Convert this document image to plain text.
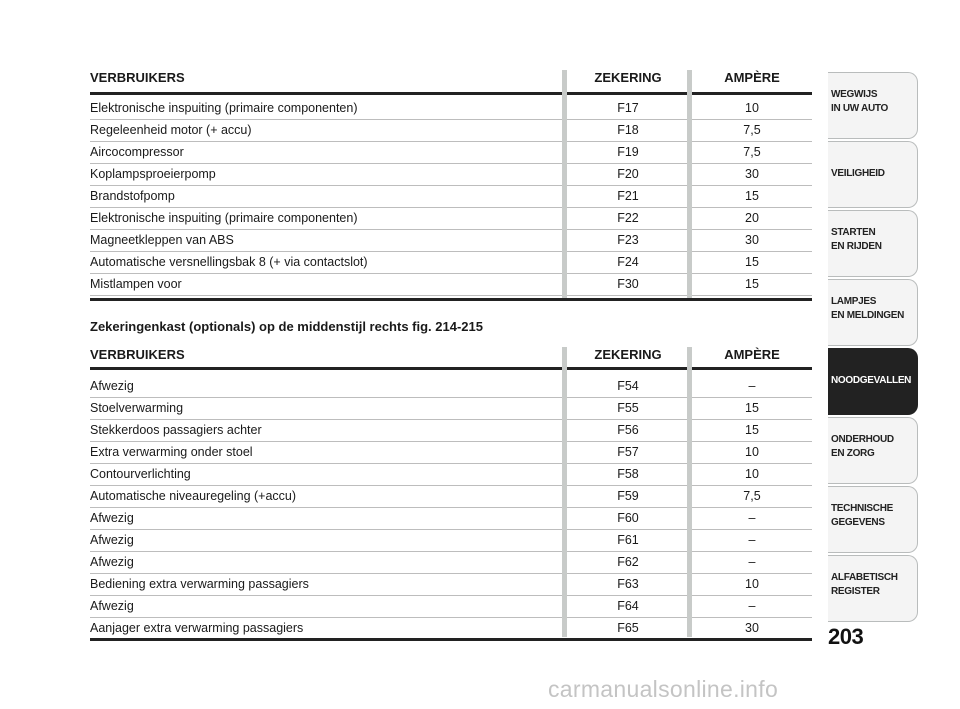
VERBRUIKERS	ZEKERING	AMPÈRE
Elektronische inspuiting (primaire componenten)	F17	10
Regeleenheid motor (+ accu)	F18	7,5
Aircocompressor	F19	7,5
Koplampsproeierpomp	F20	30
Brandstofpomp	F21	15
Elektronische inspuiting (primaire componenten)	F22	20
Magneetkleppen van ABS	F23	30
Automatische versnellingsbak 8 (+ via contactslot)	F24	15
Mistlampen voor	F30	15
Zekeringenkast (optionals) op de middenstijl rechts fig. 214-215
VERBRUIKERS	ZEKERING	AMPÈRE
Afwezig	F54	–
Stoelverwarming	F55	15
Stekkerdoos passagiers achter	F56	15
Extra verwarming onder stoel	F57	10
Contourverlichting	F58	10
Automatische niveauregeling (+accu)	F59	7,5
Afwezig	F60	–
Afwezig	F61	–
Afwezig	F62	–
Bediening extra verwarming passagiers	F63	10
Afwezig	F64	–
Aanjager extra verwarming passagiers	F65	30
WEGWIJS
IN UW AUTO
VEILIGHEID
STARTEN
EN RIJDEN
LAMPJES
EN MELDINGEN
NOODGEVALLEN
ONDERHOUD
EN ZORG
TECHNISCHE
GEGEVENS
ALFABETISCH
REGISTER
203
carmanualsonline.info
